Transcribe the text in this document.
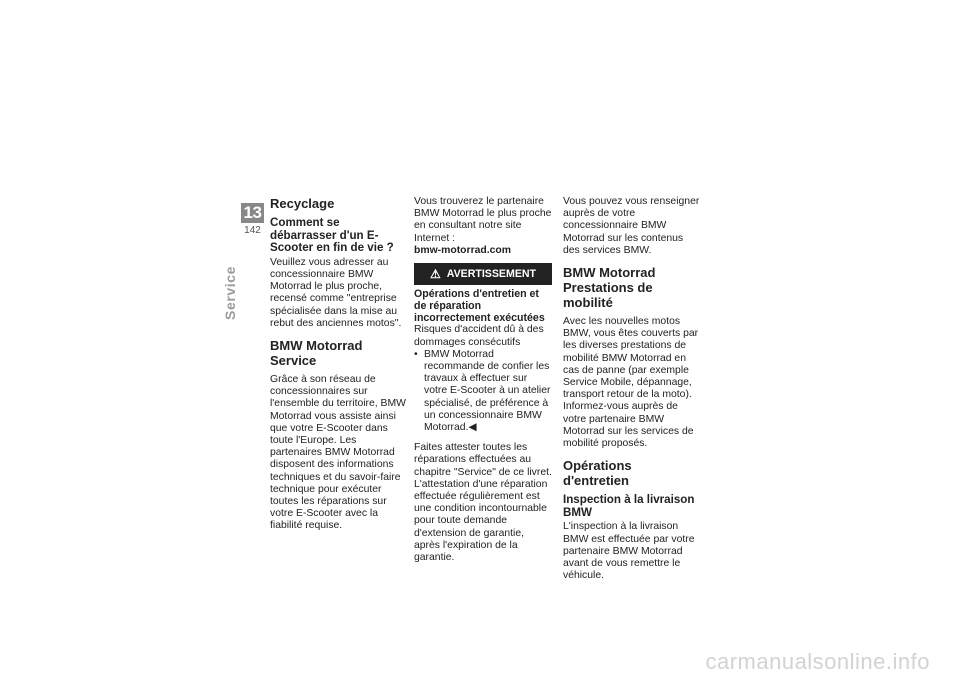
13
142
Service
Recyclage
Comment se débarrasser d'un E-Scooter en fin de vie ?

Veuillez vous adresser au concessionnaire BMW Motorrad le plus proche, recensé comme "entreprise spécialisée dans la mise au rebut des anciennes motos".

BMW Motorrad Service

Grâce à son réseau de concessionnaires sur l'ensemble du territoire, BMW Motorrad vous assiste ainsi que votre E-Scooter dans toute l'Europe. Les partenaires BMW Motorrad disposent des informations techniques et du savoir-faire technique pour exécuter toutes les réparations sur votre E-Scooter avec la fiabilité requise.

Vous trouverez le partenaire BMW Motorrad le plus proche en consultant notre site Internet :

bmw-motorrad.com
⚠ AVERTISSEMENT
Opérations d'entretien et de réparation incorrectement exécutées

Risques d'accident dû à des dommages consécutifs

• BMW Motorrad recommande de confier les travaux à effectuer sur votre E-Scooter à un atelier spécialisé, de préférence à un concessionnaire BMW Motorrad.◀

Faites attester toutes les réparations effectuées au chapitre "Service" de ce livret. L'attestation d'une réparation effectuée régulièrement est une condition incontournable pour toute demande d'extension de garantie, après l'expiration de la garantie.

Vous pouvez vous renseigner auprès de votre concessionnaire BMW Motorrad sur les contenus des services BMW.

BMW Motorrad Prestations de mobilité

Avec les nouvelles motos BMW, vous êtes couverts par les diverses prestations de mobilité BMW Motorrad en cas de panne (par exemple Service Mobile, dépannage, transport retour de la moto).

Informez-vous auprès de votre partenaire BMW Motorrad sur les services de mobilité proposés.

Opérations d'entretien
Inspection à la livraison BMW

L'inspection à la livraison BMW est effectuée par votre partenaire BMW Motorrad avant de vous remettre le véhicule.

carmanualsonline.info
